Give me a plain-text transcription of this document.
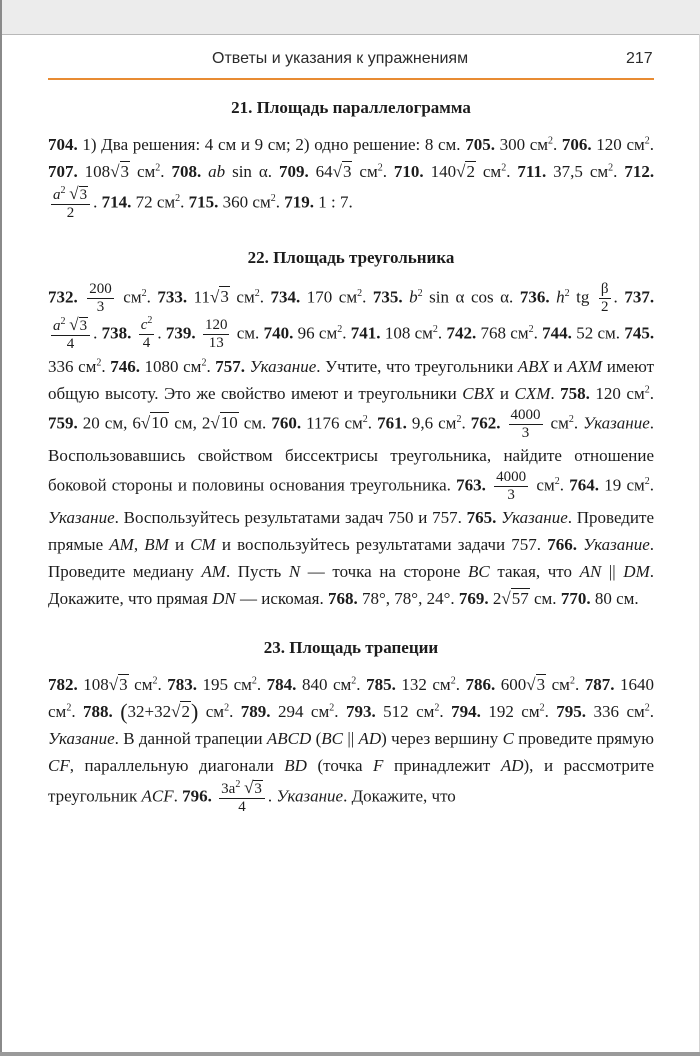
Ответы и указания к упражнениям	217
21. Площадь параллелограмма

704. 1) Два решения: 4 см и 9 см; 2) одно решение: 8 см. 705. 300 $см^2$. 706. 120 $см^2$. 707. 108√3 $см^2$. 708. ab sin α. 709. 64√3 $см^2$. 710. 140√2 $см^2$. 711. 37,5 $см^2$. 712.
$\frac{a^2 √3}{2}$ . 714. 72 $см^2$. 715. 360 $см^2$. 719. 1 : 7.

22. Площадь треугольника

732. $\frac{200}{3} см^2$. 733. 11√3 $см^2$. 734. 170 $см^2$. 735. $b^2$ sin α cos α. 736. $h^2$ tg $\frac{\beta}{2}$ . 737.
$\frac{a^2 √3}{4}$ . 738. $\frac{c^2}{4}$ . 739. $\frac{120}{13}$ см. 740. 96 $см^2$. 741. 108 $см^2$. 742. 768 $см^2$. 744. 52 см. 745. 336 $см^2$. 746. 1080 $см^2$. 757. Указание. Учтите, что треугольники ABX и AXM имеют общую высоту. Это же свойство имеют и треугольники CBX и CXM. 758. 120 $см^2$. 759. 20 см, 6√10 см, 2√10 см. 760. 1176 $см^2$. 761. 9,6 $см^2$. 762. $\frac{4000}{3} см^2$. Указание. Воспользовавшись свойством биссектрисы треугольника, найдите отношение боковой стороны и половины основания треугольника. 763. $\frac{4000}{3} см^2$. 764. 19 $см^2$. Указание. Воспользуйтесь результатами задач 750 и 757. 765. Указание. Проведите прямые AM, BM и CM и воспользуйтесь результатами задачи 757. 766. Указание. Проведите медиану AM. Пусть N — точка на стороне BC такая, что AN || DM. Докажите, что прямая DN — искомая. 768. 78°, 78°, 24°. 769. 2√57 см. 770. 80 см.

23. Площадь трапеции

782. 108√3 $см^2$. 783. 195 $см^2$. 784. 840 $см^2$. 785. 132 $см^2$. 786. 600√3 $см^2$. 787. 1640 $см^2$. 788. (32+32√2) $см^2$. 789. 294 $см^2$. 793. 512 $см^2$. 794. 192 $см^2$. 795. 336 $см^2$. Указание. В данной трапеции ABCD (BC || AD) через вершину C проведите прямую CF, параллельную диагонали BD (точка F принадлежит AD), и рассмотрите треугольник ACF. 796. $\frac{3a^2 √3}{4}$ . Указание. Докажите, что
